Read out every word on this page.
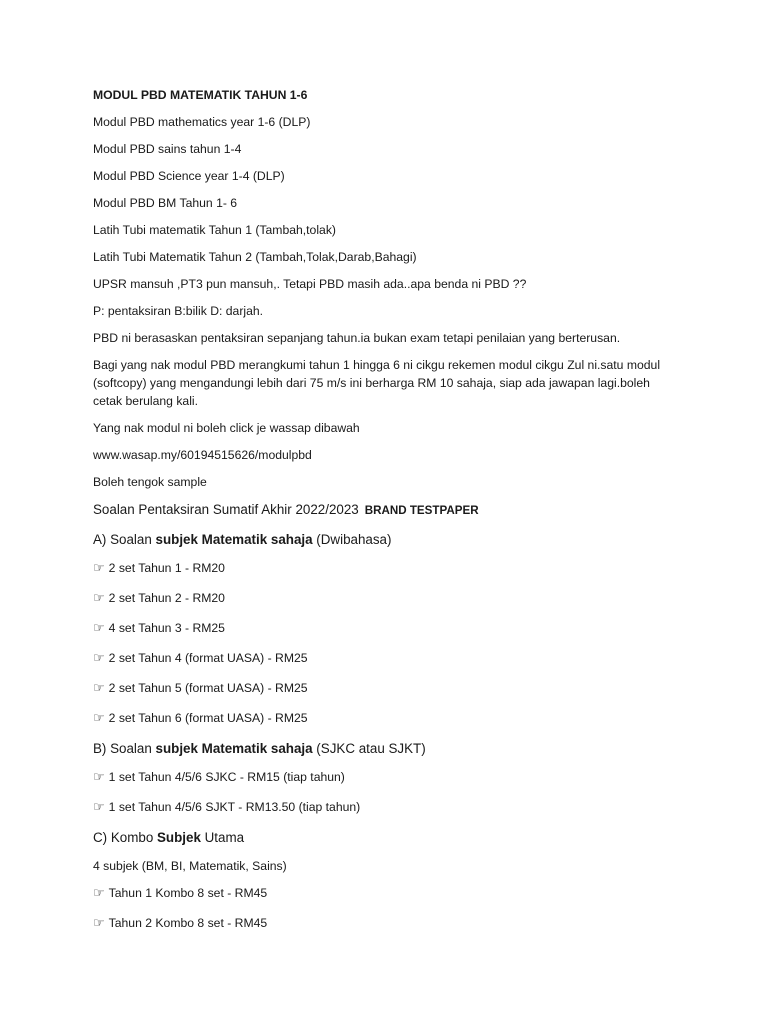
MODUL PBD MATEMATIK TAHUN 1-6
Modul PBD mathematics year 1-6 (DLP)
Modul PBD sains tahun 1-4
Modul PBD Science year 1-4 (DLP)
Modul PBD BM Tahun 1- 6
Latih Tubi matematik Tahun 1 (Tambah,tolak)
Latih Tubi Matematik Tahun 2 (Tambah,Tolak,Darab,Bahagi)
UPSR mansuh ,PT3 pun mansuh,. Tetapi PBD masih ada..apa benda ni PBD ??
P: pentaksiran B:bilik D: darjah.
PBD ni berasaskan pentaksiran sepanjang tahun.ia bukan exam tetapi penilaian yang berterusan.
Bagi yang nak modul PBD merangkumi tahun 1 hingga 6 ni cikgu rekemen modul cikgu Zul ni.satu modul (softcopy) yang mengandungi lebih dari 75 m/s ini berharga RM 10 sahaja, siap ada jawapan lagi.boleh cetak berulang kali.
Yang nak modul ni boleh click je wassap dibawah
www.wasap.my/60194515626/modulpbd
Boleh tengok sample
Soalan Pentaksiran Sumatif Akhir 2022/2023 BRAND TESTPAPER
A) Soalan subjek Matematik sahaja (Dwibahasa)
☞ 2 set Tahun 1 - RM20
☞ 2 set Tahun 2 - RM20
☞ 4 set Tahun 3 - RM25
☞ 2 set Tahun 4 (format UASA) - RM25
☞ 2 set Tahun 5 (format UASA) - RM25
☞ 2 set Tahun 6 (format UASA) - RM25
B) Soalan subjek Matematik sahaja (SJKC atau SJKT)
☞ 1 set Tahun 4/5/6 SJKC - RM15 (tiap tahun)
☞ 1 set Tahun 4/5/6 SJKT - RM13.50 (tiap tahun)
C) Kombo Subjek Utama
4 subjek (BM, BI, Matematik, Sains)
☞ Tahun 1 Kombo 8 set - RM45
☞ Tahun 2 Kombo 8 set - RM45
